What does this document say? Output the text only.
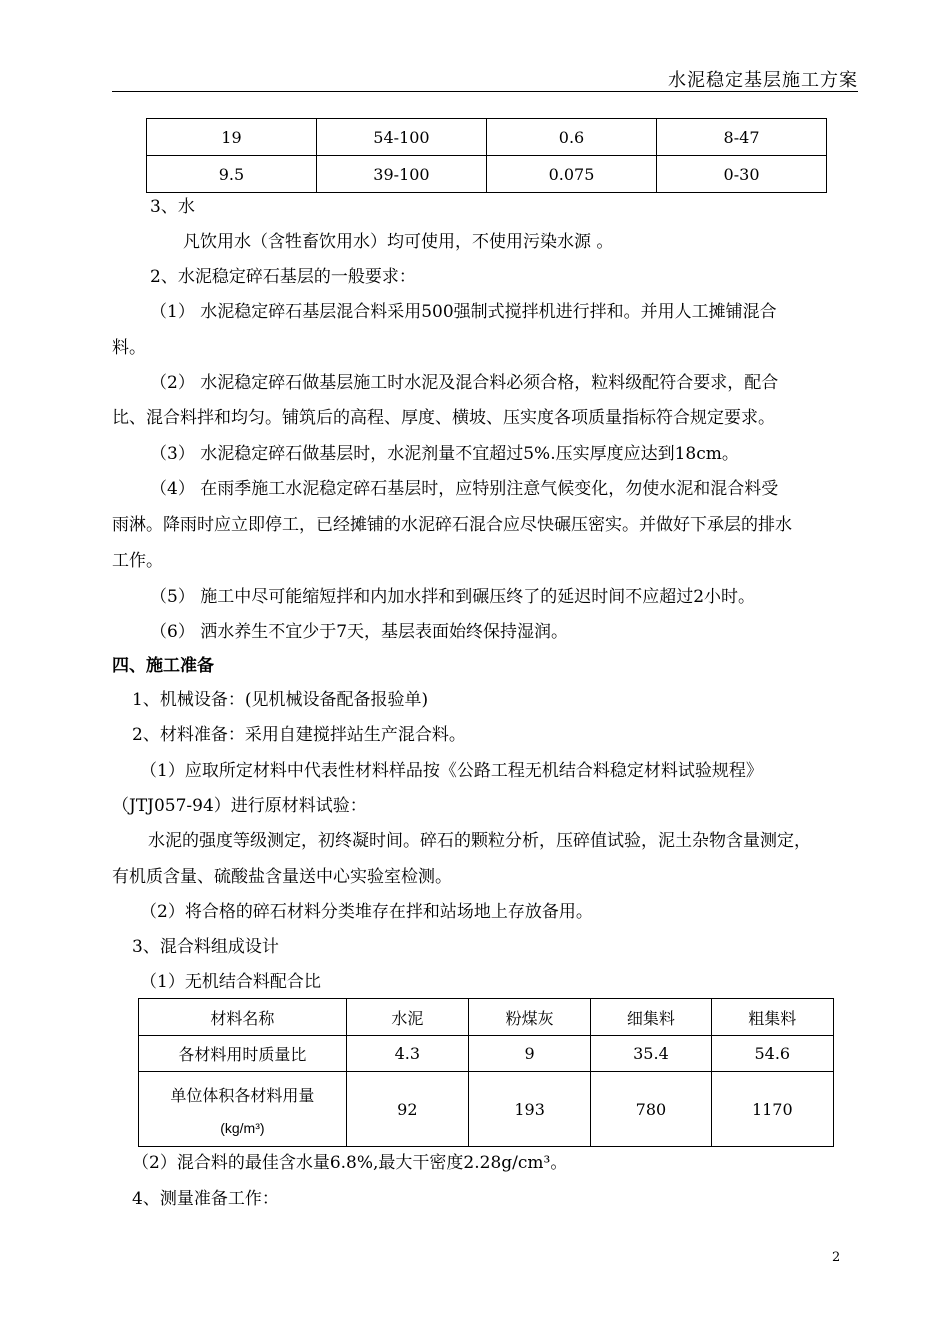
水泥稳定基层施工方案
19	54-100	0.6	8-47
9.5	39-100	0.075	0-30
3、水
凡饮用水（含牲畜饮用水）均可使用，不使用污染水源 。
2、水泥稳定碎石基层的一般要求：
（1） 水泥稳定碎石基层混合料采用500强制式搅拌机进行拌和。并用人工摊铺混合
料。
（2） 水泥稳定碎石做基层施工时水泥及混合料必须合格，粒料级配符合要求，配合
比、混合料拌和均匀。铺筑后的高程、厚度、横坡、压实度各项质量指标符合规定要求。
（3） 水泥稳定碎石做基层时，水泥剂量不宜超过5%.压实厚度应达到18cm。
（4） 在雨季施工水泥稳定碎石基层时，应特别注意气候变化，勿使水泥和混合料受
雨淋。降雨时应立即停工，已经摊铺的水泥碎石混合应尽快碾压密实。并做好下承层的排水
工作。
（5） 施工中尽可能缩短拌和内加水拌和到碾压终了的延迟时间不应超过2小时。
（6） 洒水养生不宜少于7天，基层表面始终保持湿润。
四、施工准备
1、机械设备：(见机械设备配备报验单)
2、材料准备：采用自建搅拌站生产混合料。
（1）应取所定材料中代表性材料样品按《公路工程无机结合料稳定材料试验规程》
（JTJ057-94）进行原材料试验：
水泥的强度等级测定，初终凝时间。碎石的颗粒分析，压碎值试验，泥土杂物含量测定，
有机质含量、硫酸盐含量送中心实验室检测。
（2）将合格的碎石材料分类堆存在拌和站场地上存放备用。
3、混合料组成设计
（1）无机结合料配合比
材料名称	水泥	粉煤灰	细集料	粗集料
各材料用时质量比	4.3	9	35.4	54.6

单位体积各材料用量
(kg/m³)	92	193	780	1170
（2）混合料的最佳含水量6.8%,最大干密度2.28g/cm³。
4、测量准备工作：
2
